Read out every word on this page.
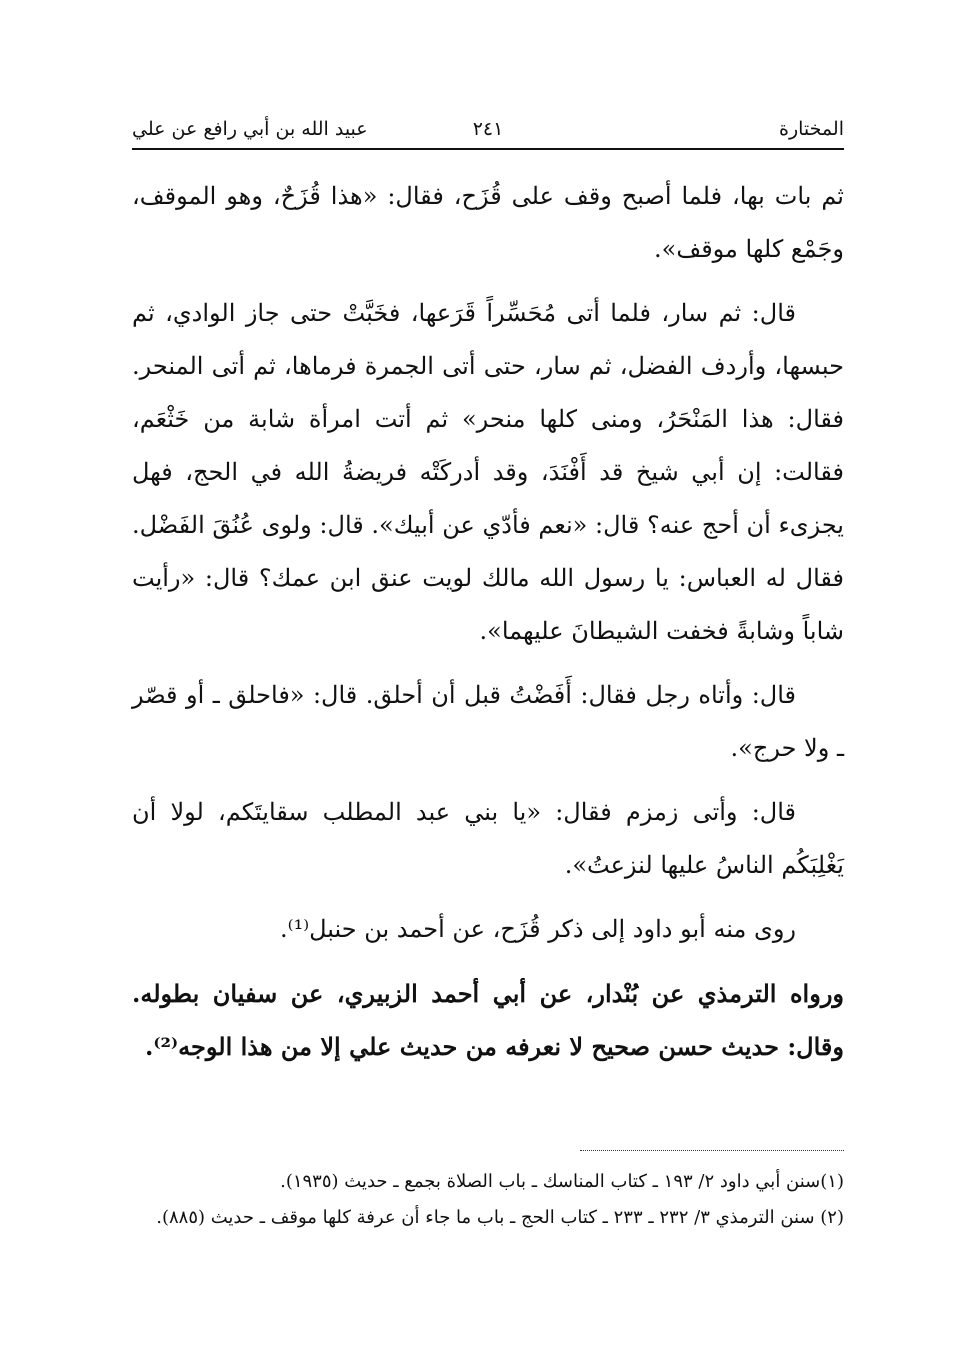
المختارة
٢٤١
عبيد الله بن أبي رافع عن علي

ثم بات بها، فلما أصبح وقف على قُزَح، فقال: «هذا قُزَحٌ، وهو الموقف، وجَمْع كلها موقف».

قال: ثم سار، فلما أتى مُحَسِّراً قَرَعها، فخَبَّتْ حتى جاز الوادي، ثم حبسها، وأردف الفضل، ثم سار، حتى أتى الجمرة فرماها، ثم أتى المنحر. فقال: هذا المَنْحَرُ، ومنى كلها منحر» ثم أتت امرأة شابة من خَثْعَم، فقالت: إن أبي شيخ قد أَفْنَدَ، وقد أدركَتْه فريضةُ الله في الحج، فهل يجزىء أن أحج عنه؟ قال: «نعم فأدّي عن أبيك». قال: ولوى عُنُقَ الفَضْل. فقال له العباس: يا رسول الله مالك لويت عنق ابن عمك؟ قال: «رأيت شاباً وشابةً فخفت الشيطانَ عليهما».

قال: وأتاه رجل فقال: أَفَضْتُ قبل أن أحلق. قال: «فاحلق ـ أو قصّر ـ ولا حرج».

قال: وأتى زمزم فقال: «يا بني عبد المطلب سقايتَكم، لولا أن يَغْلِبَكُم الناسُ عليها لنزعتُ».

روى منه أبو داود إلى ذكر قُزَح، عن أحمد بن حنبل⁽¹⁾.

ورواه الترمذي عن بُنْدار، عن أبي أحمد الزبيري، عن سفيان بطوله. وقال: حديث حسن صحيح لا نعرفه من حديث علي إلا من هذا الوجه⁽²⁾.

(١)سنن أبي داود ٢/ ١٩٣ ـ كتاب المناسك ـ باب الصلاة بجمع ـ حديث (١٩٣٥).

(٢) سنن الترمذي ٣/ ٢٣٢ ـ ٢٣٣ ـ كتاب الحج ـ باب ما جاء أن عرفة كلها موقف ـ حديث (٨٨٥).
